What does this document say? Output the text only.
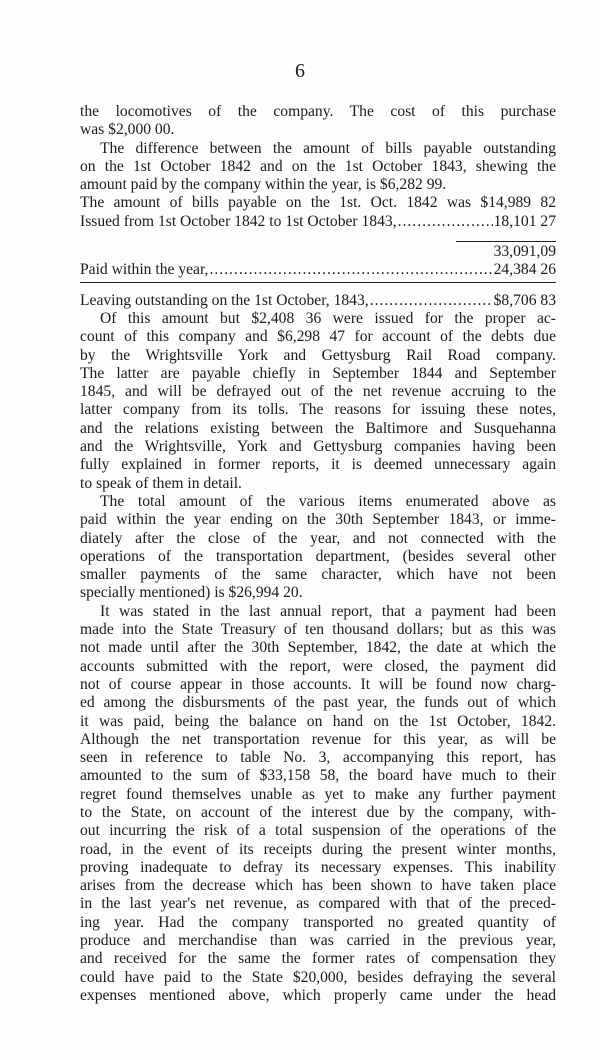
6
the locomotives of the company. The cost of this purchase
was $2,000 00.
The difference between the amount of bills payable outstanding
on the 1st October 1842 and on the 1st October 1843, shewing the
amount paid by the company within the year, is $6,282 99.
The amount of bills payable on the 1st. Oct. 1842 was $14,989 82
Issued from 1st October 1842 to 1st October 1843, .....	18,101 27
33,091,09
Paid within the year, .....	24,384 26
Leaving outstanding on the 1st October, 1843, .....	$8,706 83
Of this amount but $2,408 36 were issued for the proper ac-
count of this company and $6,298 47 for account of the debts due
by the Wrightsville York and Gettysburg Rail Road company.
The latter are payable chiefly in September 1844 and September
1845, and will be defrayed out of the net revenue accruing to the
latter company from its tolls. The reasons for issuing these notes,
and the relations existing between the Baltimore and Susquehanna
and the Wrightsville, York and Gettysburg companies having been
fully explained in former reports, it is deemed unnecessary again
to speak of them in detail.
The total amount of the various items enumerated above as
paid within the year ending on the 30th September 1843, or imme-
diately after the close of the year, and not connected with the
operations of the transportation department, (besides several other
smaller payments of the same character, which have not been
specially mentioned) is $26,994 20.
It was stated in the last annual report, that a payment had been
made into the State Treasury of ten thousand dollars; but as this was
not made until after the 30th September, 1842, the date at which the
accounts submitted with the report, were closed, the payment did
not of course appear in those accounts. It will be found now charg-
ed among the disbursments of the past year, the funds out of which
it was paid, being the balance on hand on the 1st October, 1842.
Although the net transportation revenue for this year, as will be
seen in reference to table No. 3, accompanying this report, has
amounted to the sum of $33,158 58, the board have much to their
regret found themselves unable as yet to make any further payment
to the State, on account of the interest due by the company, with-
out incurring the risk of a total suspension of the operations of the
road, in the event of its receipts during the present winter months,
proving inadequate to defray its necessary expenses. This inability
arises from the decrease which has been shown to have taken place
in the last year's net revenue, as compared with that of the preced-
ing year. Had the company transported no greated quantity of
produce and merchandise than was carried in the previous year,
and received for the same the former rates of compensation they
could have paid to the State $20,000, besides defraying the several
expenses mentioned above, which properly came under the head
